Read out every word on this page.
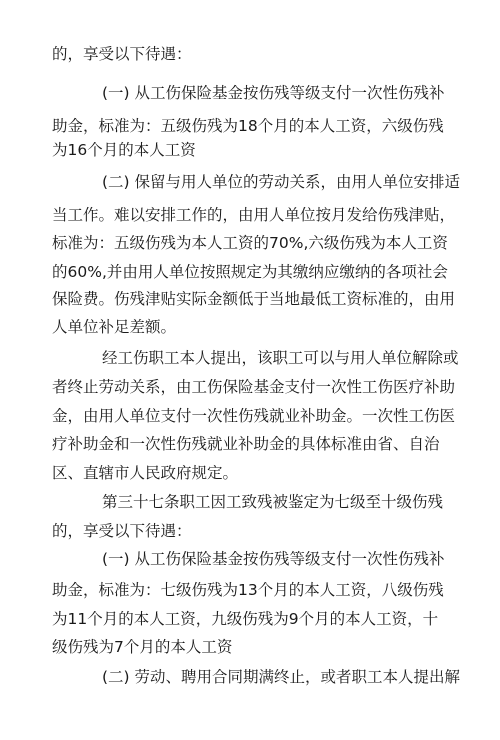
的，享受以下待遇：
(一) 从工伤保险基金按伤残等级支付一次性伤残补
助金，标准为：五级伤残为18个月的本人工资，六级伤残
为16个月的本人工资
(二) 保留与用人单位的劳动关系，由用人单位安排适
当工作。难以安排工作的，由用人单位按月发给伤残津贴，
标准为：五级伤残为本人工资的70%,六级伤残为本人工资
的60%,并由用人单位按照规定为其缴纳应缴纳的各项社会
保险费。伤残津贴实际金额低于当地最低工资标准的，由用
人单位补足差额。
经工伤职工本人提出，该职工可以与用人单位解除或
者终止劳动关系，由工伤保险基金支付一次性工伤医疗补助
金，由用人单位支付一次性伤残就业补助金。一次性工伤医
疗补助金和一次性伤残就业补助金的具体标准由省、自治
区、直辖市人民政府规定。
第三十七条职工因工致残被鉴定为七级至十级伤残
的，享受以下待遇：
(一) 从工伤保险基金按伤残等级支付一次性伤残补
助金，标准为：七级伤残为13个月的本人工资，八级伤残
为11个月的本人工资，九级伤残为9个月的本人工资，十
级伤残为7个月的本人工资
(二) 劳动、聘用合同期满终止，或者职工本人提出解
